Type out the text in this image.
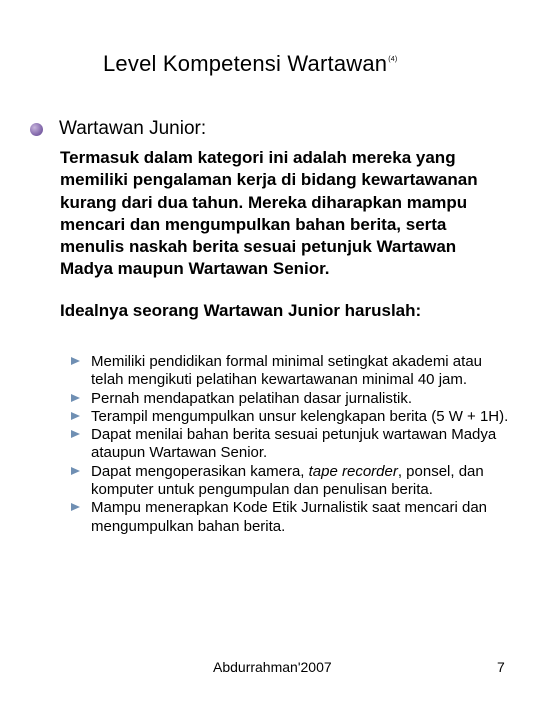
Level Kompetensi Wartawan$^{(4)}$
Wartawan Junior:
Termasuk dalam kategori ini adalah mereka yang memiliki pengalaman kerja di bidang kewartawanan kurang dari dua tahun. Mereka diharapkan mampu mencari dan mengumpulkan bahan berita, serta menulis naskah berita sesuai petunjuk Wartawan Madya maupun Wartawan Senior.
Idealnya seorang Wartawan Junior haruslah:
Memiliki pendidikan formal minimal setingkat akademi atau telah mengikuti pelatihan kewartawanan minimal 40 jam.
Pernah mendapatkan pelatihan dasar jurnalistik.
Terampil mengumpulkan unsur kelengkapan berita (5 W + 1H).
Dapat menilai bahan berita sesuai petunjuk wartawan Madya ataupun Wartawan Senior.
Dapat mengoperasikan kamera, tape recorder, ponsel, dan komputer untuk pengumpulan dan penulisan berita.
Mampu menerapkan Kode Etik Jurnalistik saat mencari dan mengumpulkan bahan berita.
Abdurrahman'2007	7
